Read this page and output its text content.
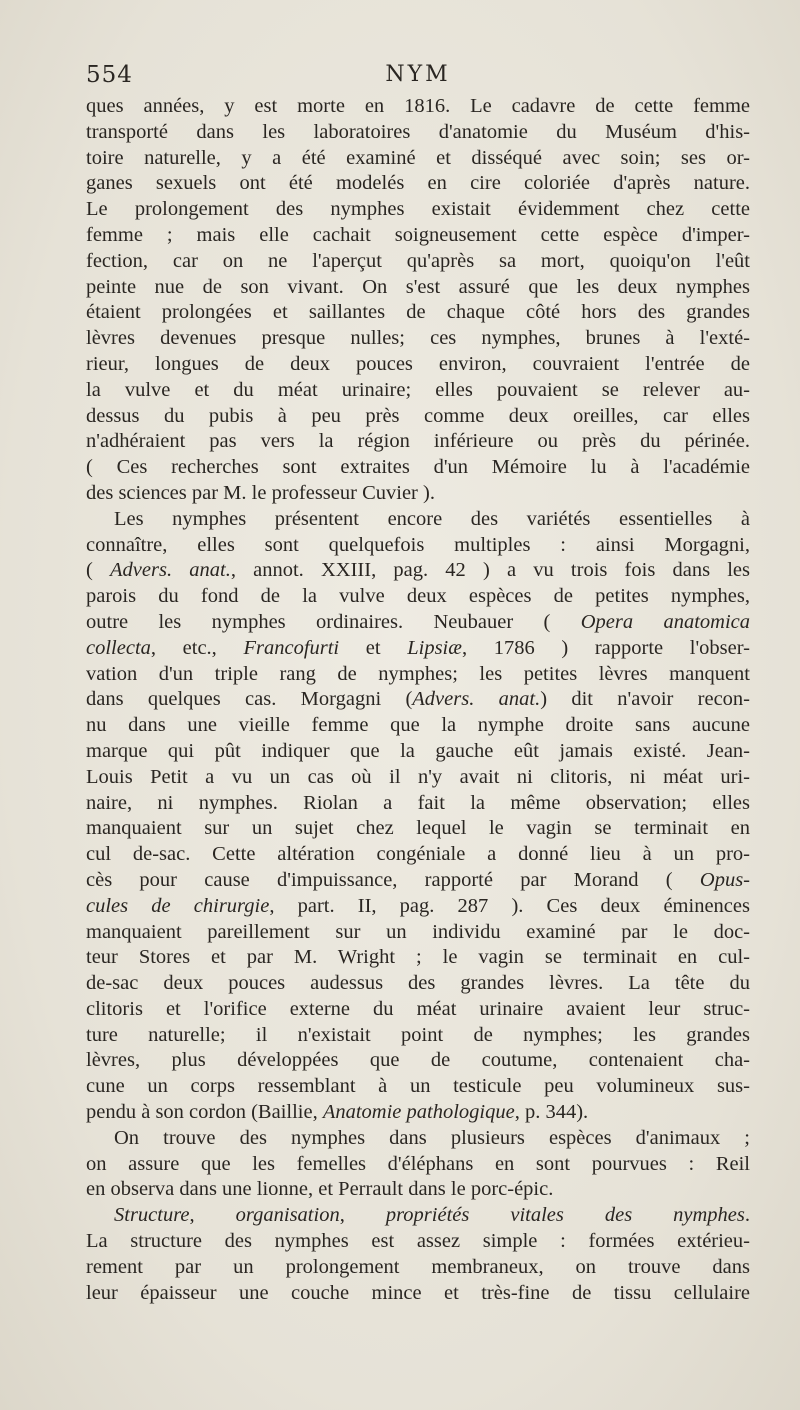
554	NYM
ques années, y est morte en 1816. Le cadavre de cette femme
transporté dans les laboratoires d'anatomie du Muséum d'his-
toire naturelle, y a été examiné et disséqué avec soin; ses or-
ganes sexuels ont été modelés en cire coloriée d'après nature.
Le prolongement des nymphes existait évidemment chez cette
femme ; mais elle cachait soigneusement cette espèce d'imper-
fection, car on ne l'aperçut qu'après sa mort, quoiqu'on l'eût
peinte nue de son vivant. On s'est assuré que les deux nymphes
étaient prolongées et saillantes de chaque côté hors des grandes
lèvres devenues presque nulles; ces nymphes, brunes à l'exté-
rieur, longues de deux pouces environ, couvraient l'entrée de
la vulve et du méat urinaire; elles pouvaient se relever au-
dessus du pubis à peu près comme deux oreilles, car elles
n'adhéraient pas vers la région inférieure ou près du périnée.
( Ces recherches sont extraites d'un Mémoire lu à l'académie
des sciences par M. le professeur Cuvier ).
Les nymphes présentent encore des variétés essentielles à
connaître, elles sont quelquefois multiples : ainsi Morgagni,
( Advers. anat., annot. XXIII, pag. 42 ) a vu trois fois dans les
parois du fond de la vulve deux espèces de petites nymphes,
outre les nymphes ordinaires. Neubauer ( Opera anatomica
collecta, etc., Francofurti et Lipsiæ, 1786 ) rapporte l'obser-
vation d'un triple rang de nymphes; les petites lèvres manquent
dans quelques cas. Morgagni (Advers. anat.) dit n'avoir recon-
nu dans une vieille femme que la nymphe droite sans aucune
marque qui pût indiquer que la gauche eût jamais existé. Jean-
Louis Petit a vu un cas où il n'y avait ni clitoris, ni méat uri-
naire, ni nymphes. Riolan a fait la même observation; elles
manquaient sur un sujet chez lequel le vagin se terminait en
cul de-sac. Cette altération congéniale a donné lieu à un pro-
cès pour cause d'impuissance, rapporté par Morand ( Opus-
cules de chirurgie, part. II, pag. 287 ). Ces deux éminences
manquaient pareillement sur un individu examiné par le doc-
teur Stores et par M. Wright ; le vagin se terminait en cul-
de-sac deux pouces audessus des grandes lèvres. La tête du
clitoris et l'orifice externe du méat urinaire avaient leur struc-
ture naturelle; il n'existait point de nymphes; les grandes
lèvres, plus développées que de coutume, contenaient cha-
cune un corps ressemblant à un testicule peu volumineux sus-
pendu à son cordon (Baillie, Anatomie pathologique, p. 344).
On trouve des nymphes dans plusieurs espèces d'animaux ;
on assure que les femelles d'éléphans en sont pourvues : Reil
en observa dans une lionne, et Perrault dans le porc-épic.
Structure, organisation, propriétés vitales des nymphes.
La structure des nymphes est assez simple : formées extérieu-
rement par un prolongement membraneux, on trouve dans
leur épaisseur une couche mince et très-fine de tissu cellulaire
